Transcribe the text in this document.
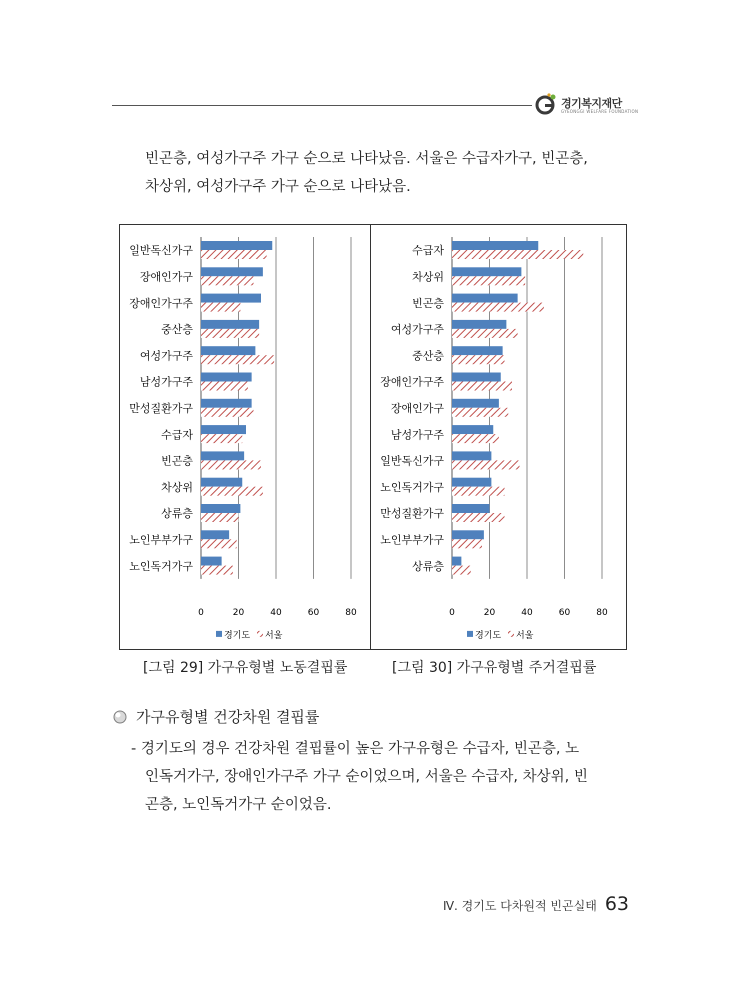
경기복지재단
GYEONGGI WELFARE FOUNDATION
빈곤층, 여성가구주 가구 순으로 나타났음. 서울은 수급자가구, 빈곤층,
차상위, 여성가구주 가구 순으로 나타났음.
일반독신가구
장애인가구
장애인가구주
중산층
여성가구주
남성가구주
만성질환가구
수급자
빈곤층
차상위
상류층
노인부부가구
노인독거가구
0	20	40	60	80
경기도 서울
수급자
차상위
빈곤층
여성가구주
중산층
장애인가구주
장애인가구
남성가구주
일반독신가구
노인독거가구
만성질환가구
노인부부가구
상류층
0	20	40	60	80
경기도 서울
[그림 29] 가구유형별 노동결핍률	[그림 30] 가구유형별 주거결핍률
가구유형별 건강차원 결핍률
- 경기도의 경우 건강차원 결핍률이 높은 가구유형은 수급자, 빈곤층, 노
인독거가구, 장애인가구주 가구 순이었으며, 서울은 수급자, 차상위, 빈
곤층, 노인독거가구 순이었음.
Ⅳ. 경기도 다차원적 빈곤실태 63
